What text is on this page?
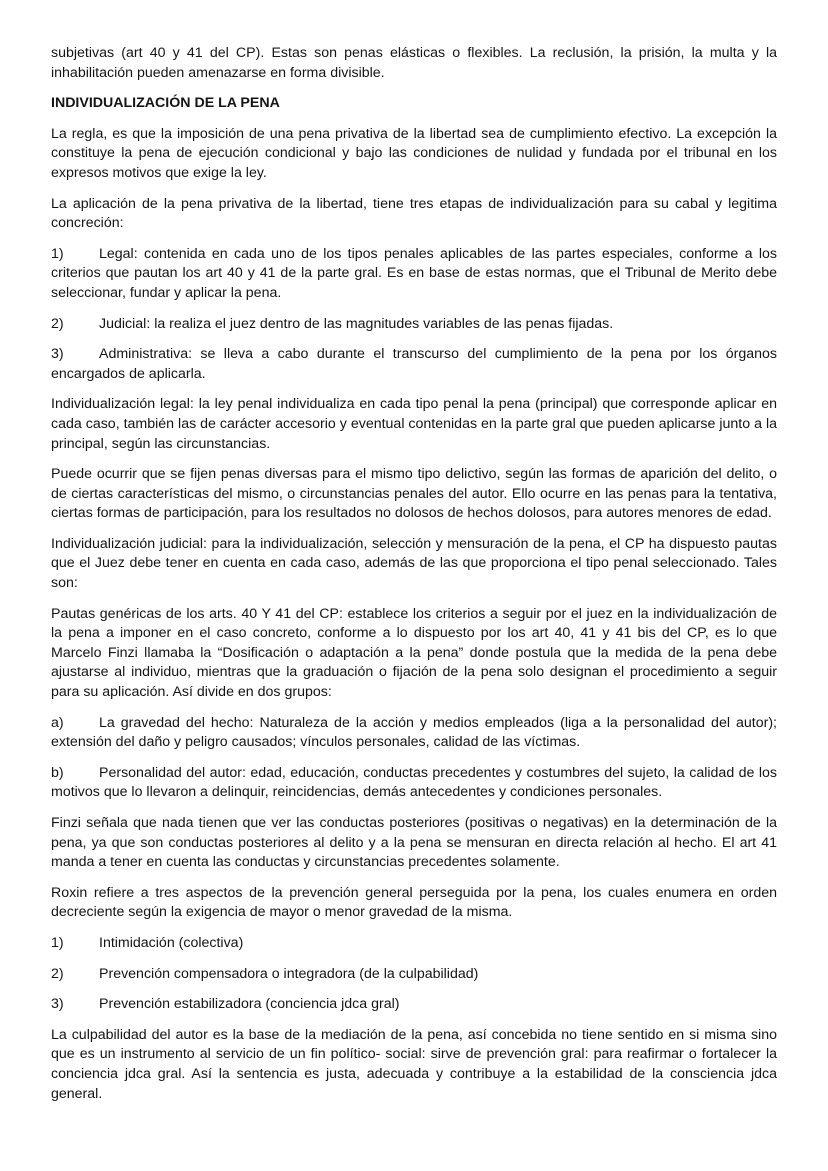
subjetivas (art 40 y 41 del CP). Estas son penas elásticas o flexibles. La reclusión, la prisión, la multa y la inhabilitación pueden amenazarse en forma divisible.

INDIVIDUALIZACIÓN DE LA PENA

La regla, es que la imposición de una pena privativa de la libertad sea de cumplimiento efectivo. La excepción la constituye la pena de ejecución condicional y bajo las condiciones de nulidad y fundada por el tribunal en los expresos motivos que exige la ley.

La aplicación de la pena privativa de la libertad, tiene tres etapas de individualización para su cabal y legitima concreción:

1) Legal: contenida en cada uno de los tipos penales aplicables de las partes especiales, conforme a los criterios que pautan los art 40 y 41 de la parte gral. Es en base de estas normas, que el Tribunal de Merito debe seleccionar, fundar y aplicar la pena.

2) Judicial: la realiza el juez dentro de las magnitudes variables de las penas fijadas.

3) Administrativa: se lleva a cabo durante el transcurso del cumplimiento de la pena por los órganos encargados de aplicarla.

Individualización legal: la ley penal individualiza en cada tipo penal la pena (principal) que corresponde aplicar en cada caso, también las de carácter accesorio y eventual contenidas en la parte gral que pueden aplicarse junto a la principal, según las circunstancias.

Puede ocurrir que se fijen penas diversas para el mismo tipo delictivo, según las formas de aparición del delito, o de ciertas características del mismo, o circunstancias penales del autor. Ello ocurre en las penas para la tentativa, ciertas formas de participación, para los resultados no dolosos de hechos dolosos, para autores menores de edad.

Individualización judicial: para la individualización, selección y mensuración de la pena, el CP ha dispuesto pautas que el Juez debe tener en cuenta en cada caso, además de las que proporciona el tipo penal seleccionado. Tales son:

Pautas genéricas de los arts. 40 Y 41 del CP: establece los criterios a seguir por el juez en la individualización de la pena a imponer en el caso concreto, conforme a lo dispuesto por los art 40, 41 y 41 bis del CP, es lo que Marcelo Finzi llamaba la “Dosificación o adaptación a la pena” donde postula que la medida de la pena debe ajustarse al individuo, mientras que la graduación o fijación de la pena solo designan el procedimiento a seguir para su aplicación. Así divide en dos grupos:

a) La gravedad del hecho: Naturaleza de la acción y medios empleados (liga a la personalidad del autor); extensión del daño y peligro causados; vínculos personales, calidad de las víctimas.

b) Personalidad del autor: edad, educación, conductas precedentes y costumbres del sujeto, la calidad de los motivos que lo llevaron a delinquir, reincidencias, demás antecedentes y condiciones personales.

Finzi señala que nada tienen que ver las conductas posteriores (positivas o negativas) en la determinación de la pena, ya que son conductas posteriores al delito y a la pena se mensuran en directa relación al hecho. El art 41 manda a tener en cuenta las conductas y circunstancias precedentes solamente.

Roxin refiere a tres aspectos de la prevención general perseguida por la pena, los cuales enumera en orden decreciente según la exigencia de mayor o menor gravedad de la misma.

1) Intimidación (colectiva)

2) Prevención compensadora o integradora (de la culpabilidad)

3) Prevención estabilizadora (conciencia jdca gral)

La culpabilidad del autor es la base de la mediación de la pena, así concebida no tiene sentido en si misma sino que es un instrumento al servicio de un fin político- social: sirve de prevención gral: para reafirmar o fortalecer la conciencia jdca gral. Así la sentencia es justa, adecuada y contribuye a la estabilidad de la consciencia jdca general.
